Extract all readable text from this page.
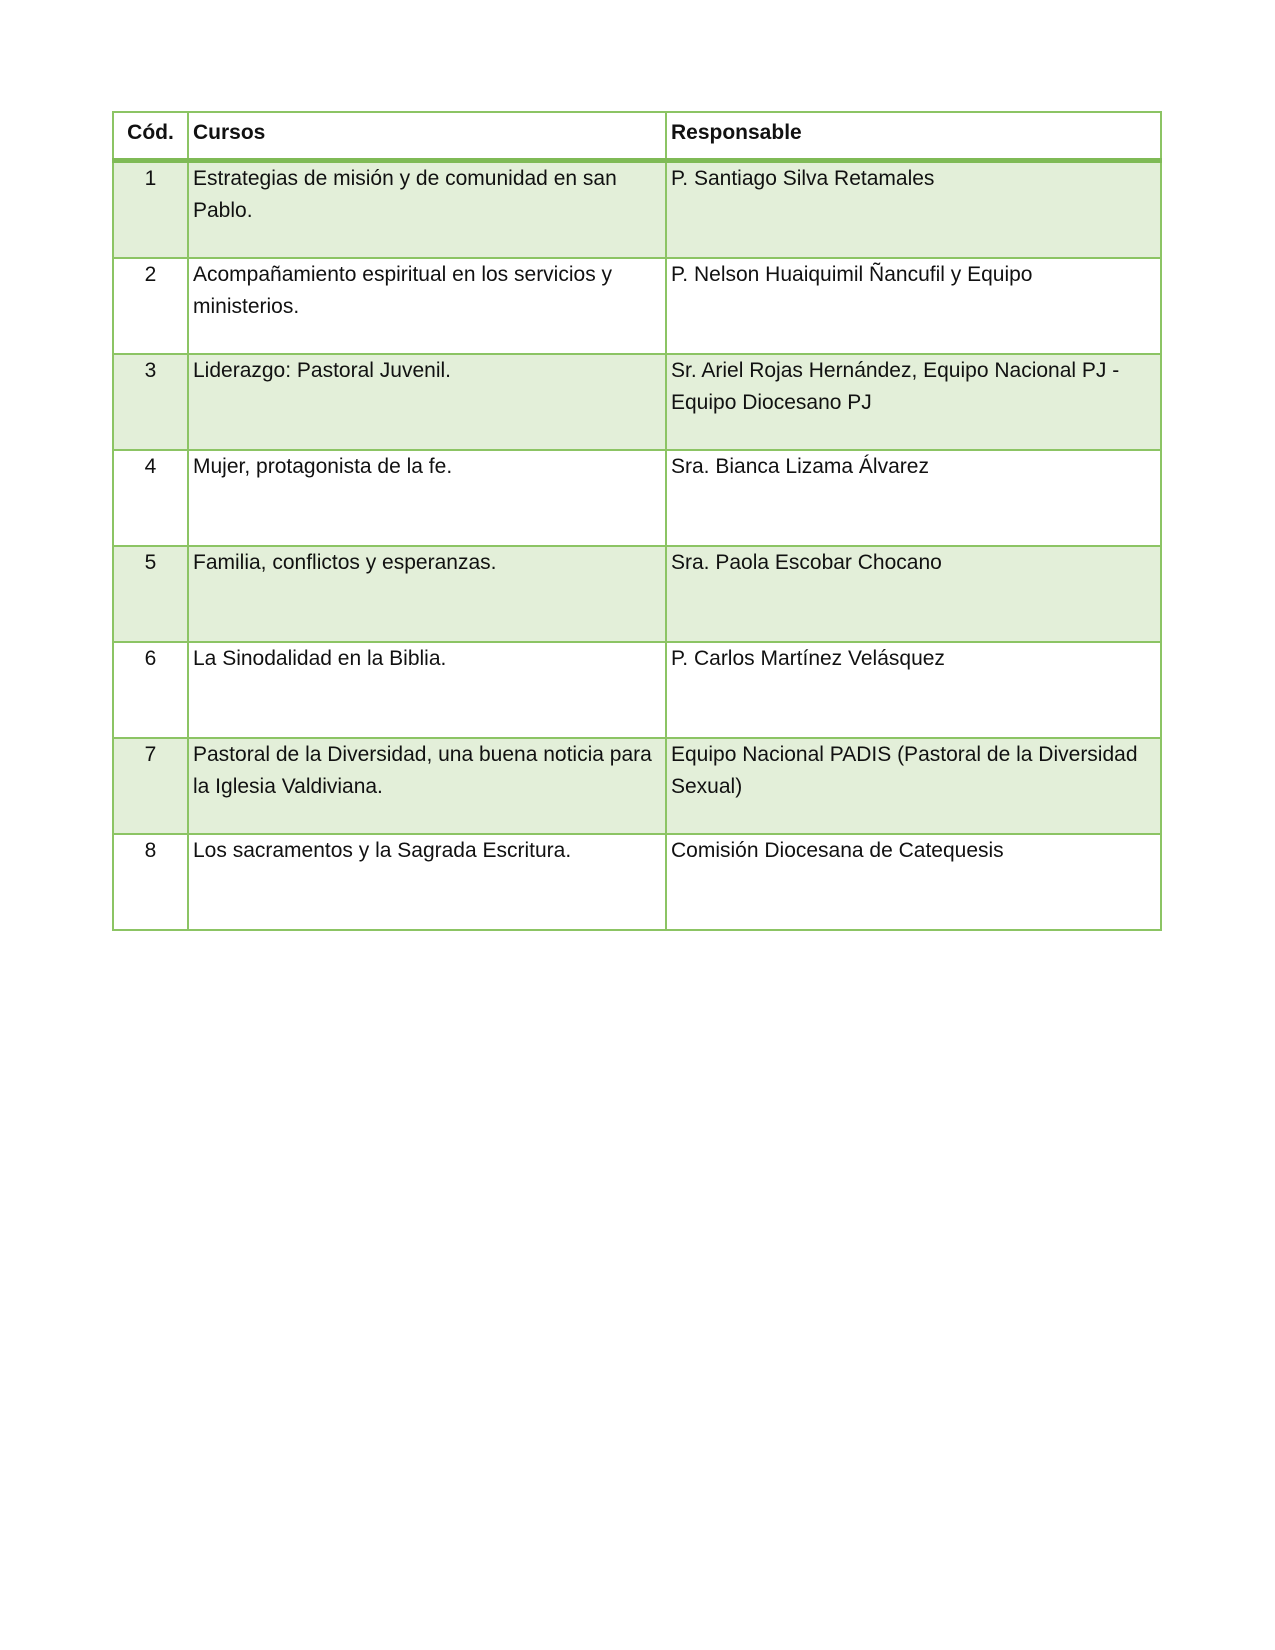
Cód.	Cursos	Responsable
1	Estrategias de misión y de comunidad en san Pablo.	P. Santiago Silva Retamales
2	Acompañamiento espiritual en los servicios y ministerios.	P. Nelson Huaiquimil Ñancufil y Equipo
3	Liderazgo: Pastoral Juvenil.	Sr. Ariel Rojas Hernández, Equipo Nacional PJ - Equipo Diocesano PJ
4	Mujer, protagonista de la fe.	Sra. Bianca Lizama Álvarez
5	Familia, conflictos y esperanzas.	Sra. Paola Escobar Chocano
6	La Sinodalidad en la Biblia.	P. Carlos Martínez Velásquez
7	Pastoral de la Diversidad, una buena noticia para la Iglesia Valdiviana.	Equipo Nacional PADIS (Pastoral de la Diversidad Sexual)
8	Los sacramentos y la Sagrada Escritura.	Comisión Diocesana de Catequesis
